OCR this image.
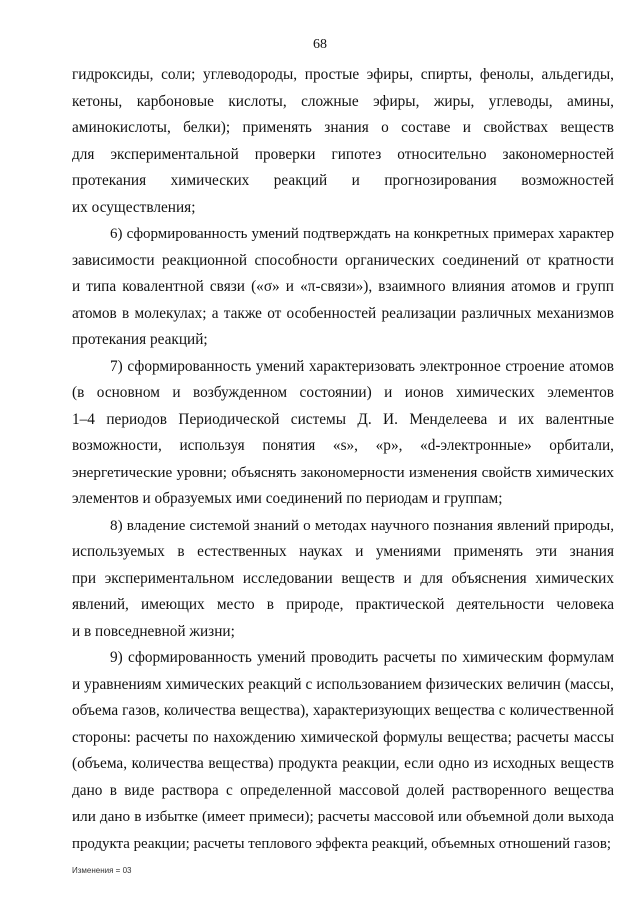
68
гидроксиды, соли; углеводороды, простые эфиры, спирты, фенолы, альдегиды,
кетоны, карбоновые кислоты, сложные эфиры, жиры, углеводы, амины,
аминокислоты, белки); применять знания о составе и свойствах веществ
для экспериментальной проверки гипотез относительно закономерностей
протекания химических реакций и прогнозирования возможностей
их осуществления;
6) сформированность умений подтверждать на конкретных примерах характер
зависимости реакционной способности органических соединений от кратности
и типа ковалентной связи («σ» и «π-связи»), взаимного влияния атомов и групп
атомов в молекулах; а также от особенностей реализации различных механизмов
протекания реакций;
7) сформированность умений характеризовать электронное строение атомов
(в основном и возбужденном состоянии) и ионов химических элементов
1–4 периодов Периодической системы Д. И. Менделеева и их валентные
возможности, используя понятия «s», «p», «d-электронные» орбитали,
энергетические уровни; объяснять закономерности изменения свойств химических
элементов и образуемых ими соединений по периодам и группам;
8) владение системой знаний о методах научного познания явлений природы,
используемых в естественных науках и умениями применять эти знания
при экспериментальном исследовании веществ и для объяснения химических
явлений, имеющих место в природе, практической деятельности человека
и в повседневной жизни;
9) сформированность умений проводить расчеты по химическим формулам
и уравнениям химических реакций с использованием физических величин (массы,
объема газов, количества вещества), характеризующих вещества с количественной
стороны: расчеты по нахождению химической формулы вещества; расчеты массы
(объема, количества вещества) продукта реакции, если одно из исходных веществ
дано в виде раствора с определенной массовой долей растворенного вещества
или дано в избытке (имеет примеси); расчеты массовой или объемной доли выхода
продукта реакции; расчеты теплового эффекта реакций, объемных отношений газов;
Изменения = 03
